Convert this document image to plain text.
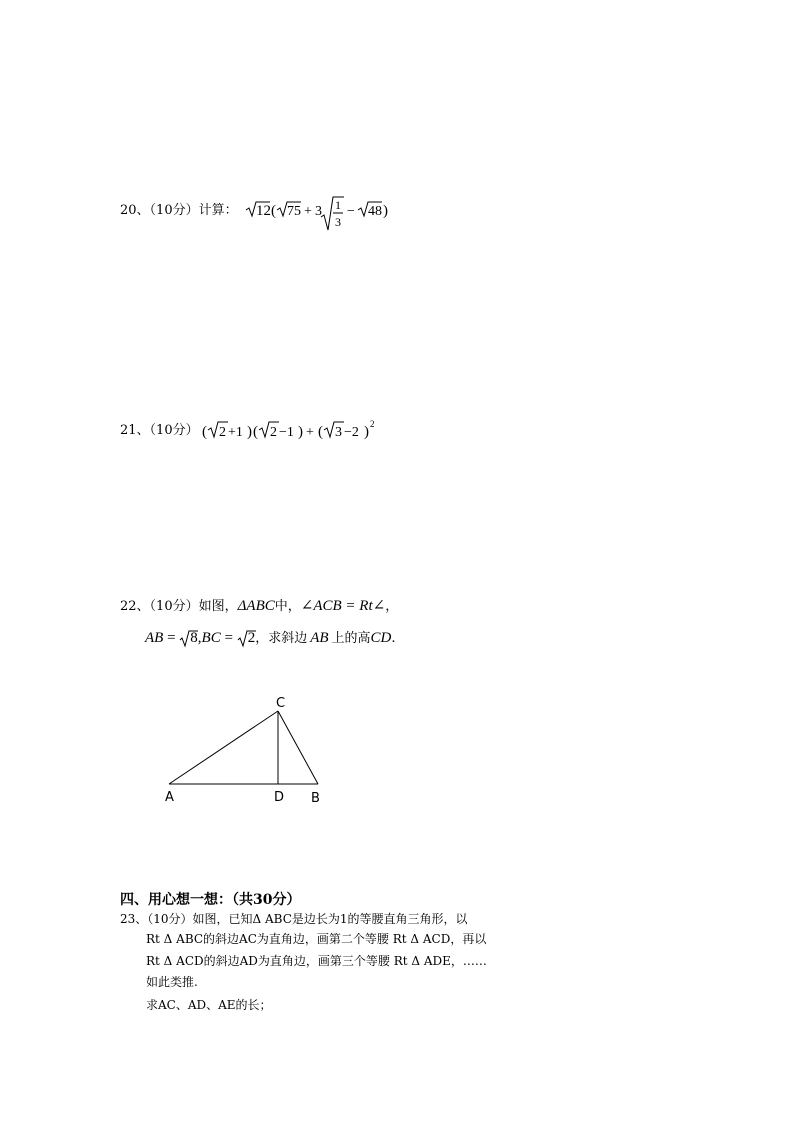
20、（10分）计算： 12 ( 75 + 3 1
3
− 48 )
21、（10分） ( 2 +1 ) ( 2 −1 ) + ( 3 −2 ) 2
22、（10分）如图，ΔABC中，∠ACB = Rt∠，
AB = 8,BC = 2，求斜边 AB 上的高CD.
C
A	D B
四、用心想一想：（共30分）
23、（10分）如图，已知Δ ABC是边长为1的等腰直角三角形，以
Rt Δ ABC的斜边AC为直角边，画第二个等腰 Rt Δ ACD，再以
Rt Δ ACD的斜边AD为直角边，画第三个等腰 Rt Δ ADE，……
如此类推.
求AC、AD、AE的长；
